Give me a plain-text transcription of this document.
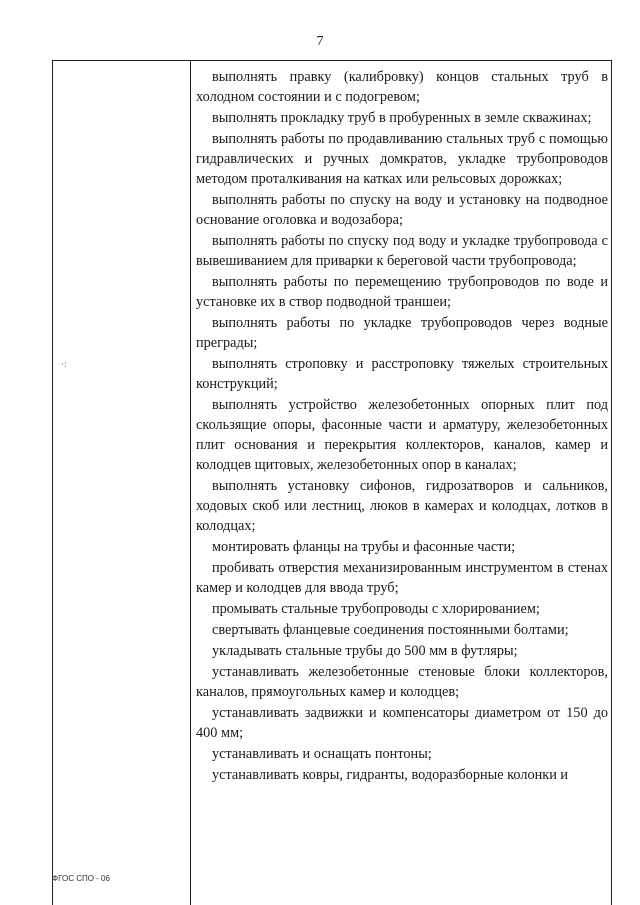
7
·:

выполнять правку (калибровку) концов стальных труб в холодном состоянии и с подогревом;

выполнять прокладку труб в пробуренных в земле скважинах;

выполнять работы по продавливанию стальных труб с помощью гидравлических и ручных домкратов, укладке трубопроводов методом проталкивания на катках или рельсовых дорожках;

выполнять работы по спуску на воду и установку на подводное основание оголовка и водозабора;

выполнять работы по спуску под воду и укладке трубопровода с вывешиванием для приварки к береговой части трубопровода;

выполнять работы по перемещению трубопроводов по воде и установке их в створ подводной траншеи;

выполнять работы по укладке трубопроводов через водные преграды;

выполнять строповку и расстроповку тяжелых строительных конструкций;

выполнять устройство железобетонных опорных плит под скользящие опоры, фасонные части и арматуру, железобетонных плит основания и перекрытия коллекторов, каналов, камер и колодцев щитовых, железобетонных опор в каналах;

выполнять установку сифонов, гидрозатворов и сальников, ходовых скоб или лестниц, люков в камерах и колодцах, лотков в колодцах;

монтировать фланцы на трубы и фасонные части;

пробивать отверстия механизированным инструментом в стенах камер и колодцев для ввода труб;

промывать стальные трубопроводы с хлорированием;

свертывать фланцевые соединения постоянными болтами;

укладывать стальные трубы до 500 мм в футляры;

устанавливать железобетонные стеновые блоки коллекторов, каналов, прямоугольных камер и колодцев;

устанавливать задвижки и компенсаторы диаметром от 150 до 400 мм;

устанавливать и оснащать понтоны;

устанавливать ковры, гидранты, водоразборные колонки и

ФГОС СПО - 06
